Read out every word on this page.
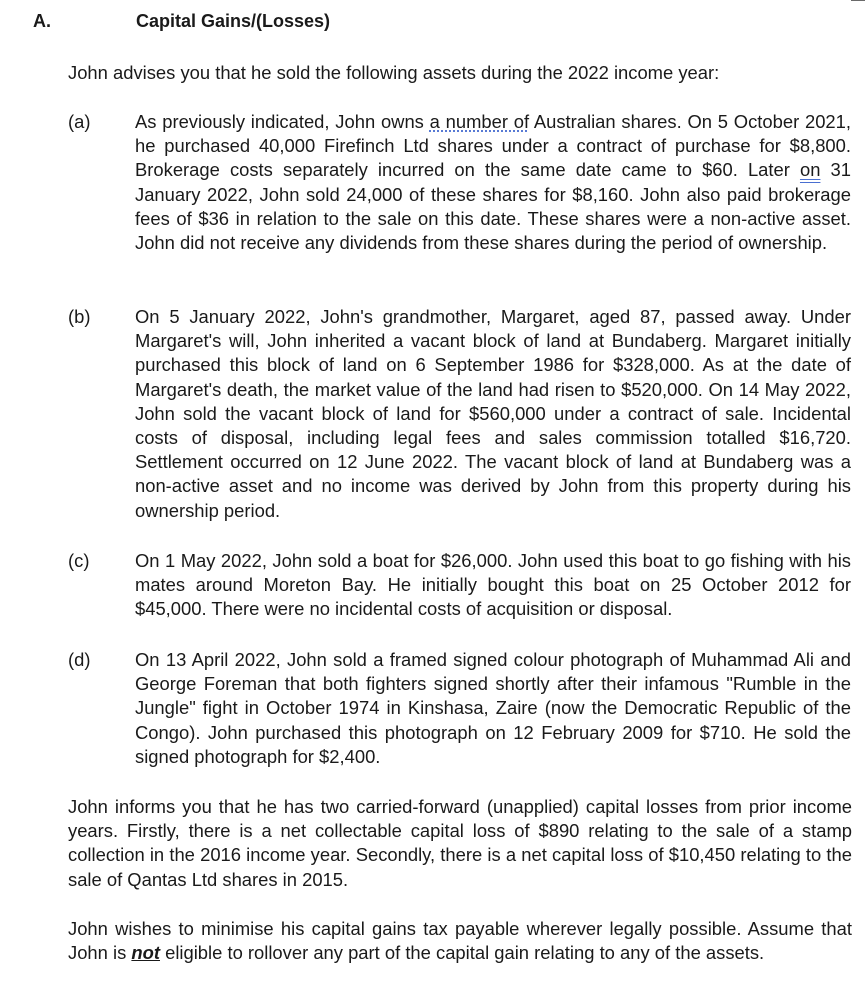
A.	Capital Gains/(Losses)
John advises you that he sold the following assets during the 2022 income year:
(a) As previously indicated, John owns a number of Australian shares. On 5 October 2021, he purchased 40,000 Firefinch Ltd shares under a contract of purchase for $8,800. Brokerage costs separately incurred on the same date came to $60. Later on 31 January 2022, John sold 24,000 of these shares for $8,160. John also paid brokerage fees of $36 in relation to the sale on this date. These shares were a non-active asset. John did not receive any dividends from these shares during the period of ownership.
(b) On 5 January 2022, John's grandmother, Margaret, aged 87, passed away. Under Margaret's will, John inherited a vacant block of land at Bundaberg. Margaret initially purchased this block of land on 6 September 1986 for $328,000. As at the date of Margaret's death, the market value of the land had risen to $520,000. On 14 May 2022, John sold the vacant block of land for $560,000 under a contract of sale. Incidental costs of disposal, including legal fees and sales commission totalled $16,720. Settlement occurred on 12 June 2022. The vacant block of land at Bundaberg was a non-active asset and no income was derived by John from this property during his ownership period.
(c) On 1 May 2022, John sold a boat for $26,000. John used this boat to go fishing with his mates around Moreton Bay. He initially bought this boat on 25 October 2012 for $45,000. There were no incidental costs of acquisition or disposal.
(d) On 13 April 2022, John sold a framed signed colour photograph of Muhammad Ali and George Foreman that both fighters signed shortly after their infamous "Rumble in the Jungle" fight in October 1974 in Kinshasa, Zaire (now the Democratic Republic of the Congo). John purchased this photograph on 12 February 2009 for $710. He sold the signed photograph for $2,400.
John informs you that he has two carried-forward (unapplied) capital losses from prior income years. Firstly, there is a net collectable capital loss of $890 relating to the sale of a stamp collection in the 2016 income year. Secondly, there is a net capital loss of $10,450 relating to the sale of Qantas Ltd shares in 2015.
John wishes to minimise his capital gains tax payable wherever legally possible. Assume that John is not eligible to rollover any part of the capital gain relating to any of the assets.
